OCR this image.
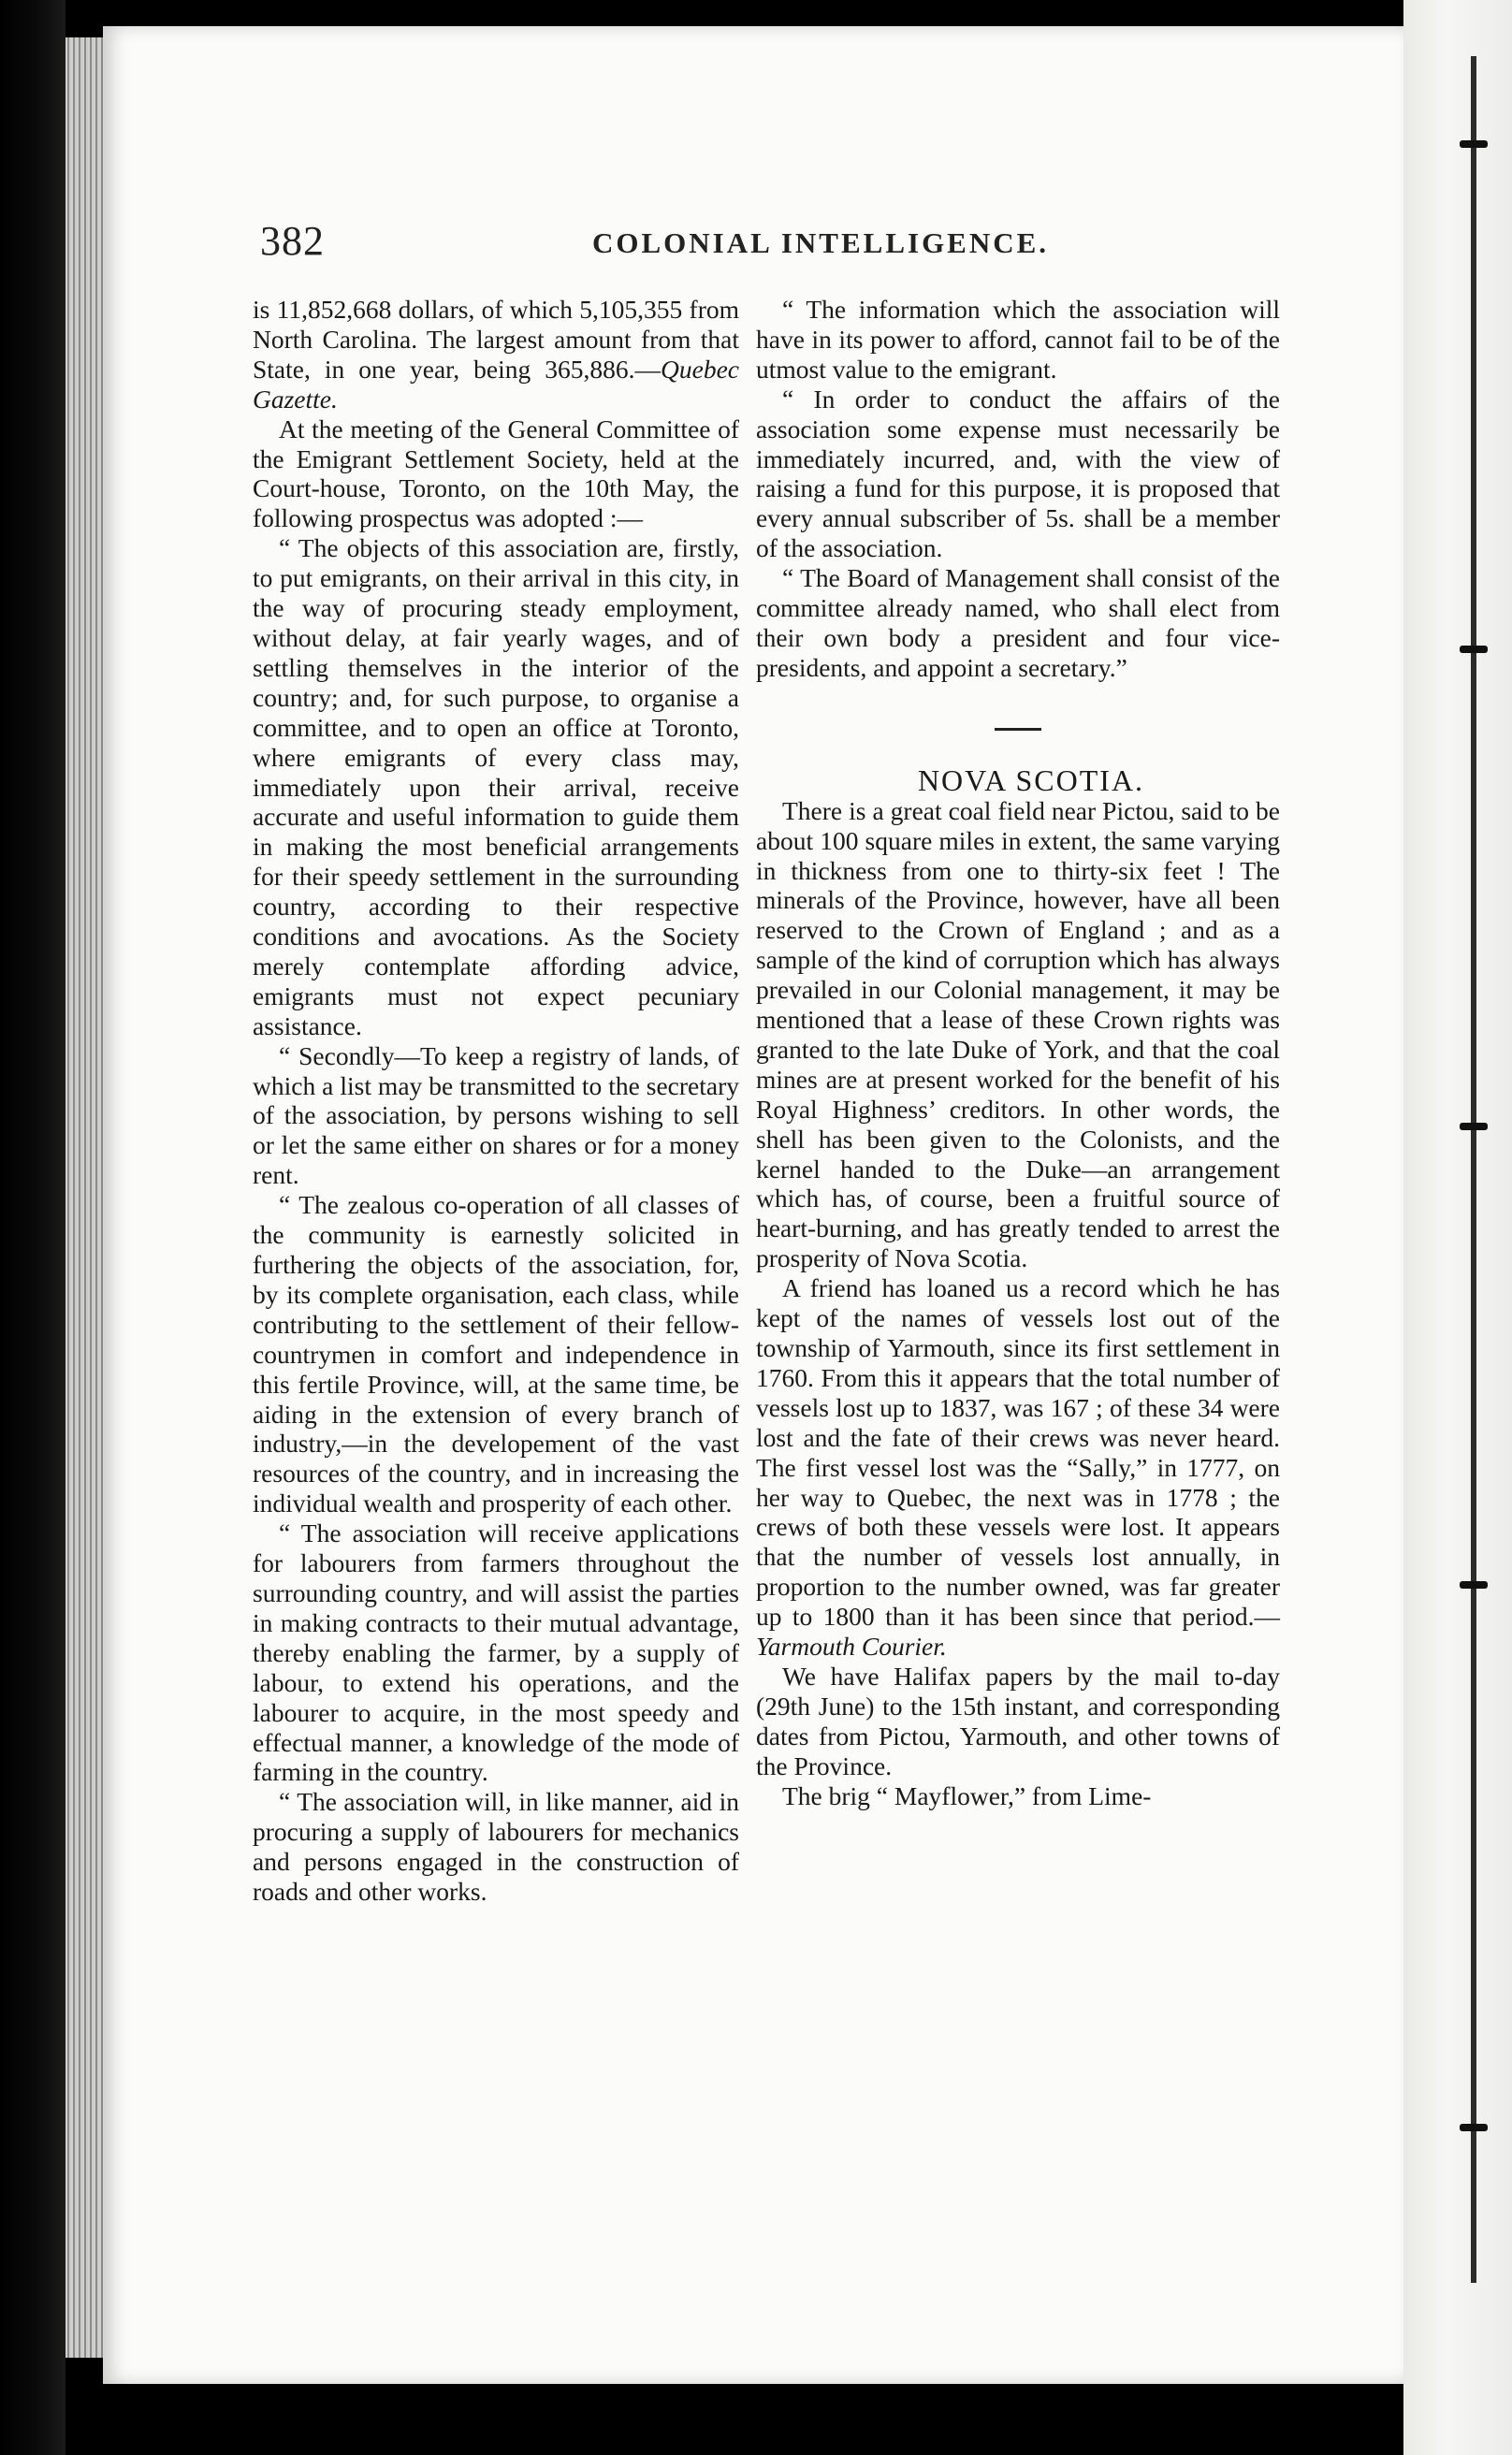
382	COLONIAL INTELLIGENCE.

is 11,852,668 dollars, of which 5,105,355 from North Carolina. The largest amount from that State, in one year, being 365,886.—Quebec Gazette.

At the meeting of the General Committee of the Emigrant Settlement Society, held at the Court-house, Toronto, on the 10th May, the following prospectus was adopted :—

“ The objects of this association are, firstly, to put emigrants, on their arrival in this city, in the way of procuring steady employment, without delay, at fair yearly wages, and of settling themselves in the interior of the country; and, for such purpose, to organise a committee, and to open an office at Toronto, where emigrants of every class may, immediately upon their arrival, receive accurate and useful information to guide them in making the most beneficial arrangements for their speedy settlement in the surrounding country, according to their respective conditions and avocations. As the Society merely contemplate affording advice, emigrants must not expect pecuniary assistance.

“ Secondly—To keep a registry of lands, of which a list may be transmitted to the secretary of the association, by persons wishing to sell or let the same either on shares or for a money rent.

“ The zealous co-operation of all classes of the community is earnestly solicited in furthering the objects of the association, for, by its complete organisation, each class, while contributing to the settlement of their fellow-countrymen in comfort and independence in this fertile Province, will, at the same time, be aiding in the extension of every branch of industry,—in the developement of the vast resources of the country, and in increasing the individual wealth and prosperity of each other.

“ The association will receive applications for labourers from farmers throughout the surrounding country, and will assist the parties in making contracts to their mutual advantage, thereby enabling the farmer, by a supply of labour, to extend his operations, and the labourer to acquire, in the most speedy and effectual manner, a knowledge of the mode of farming in the country.

“ The association will, in like manner, aid in procuring a supply of labourers for mechanics and persons engaged in the construction of roads and other works.

“ The information which the association will have in its power to afford, cannot fail to be of the utmost value to the emigrant.

“ In order to conduct the affairs of the association some expense must necessarily be immediately incurred, and, with the view of raising a fund for this purpose, it is proposed that every annual subscriber of 5s. shall be a member of the association.

“ The Board of Management shall consist of the committee already named, who shall elect from their own body a president and four vice-presidents, and appoint a secretary.”

NOVA SCOTIA.

There is a great coal field near Pictou, said to be about 100 square miles in extent, the same varying in thickness from one to thirty-six feet ! The minerals of the Province, however, have all been reserved to the Crown of England ; and as a sample of the kind of corruption which has always prevailed in our Colonial management, it may be mentioned that a lease of these Crown rights was granted to the late Duke of York, and that the coal mines are at present worked for the benefit of his Royal Highness’ creditors. In other words, the shell has been given to the Colonists, and the kernel handed to the Duke—an arrangement which has, of course, been a fruitful source of heart-burning, and has greatly tended to arrest the prosperity of Nova Scotia.

A friend has loaned us a record which he has kept of the names of vessels lost out of the township of Yarmouth, since its first settlement in 1760. From this it appears that the total number of vessels lost up to 1837, was 167 ; of these 34 were lost and the fate of their crews was never heard. The first vessel lost was the “Sally,” in 1777, on her way to Quebec, the next was in 1778 ; the crews of both these vessels were lost. It appears that the number of vessels lost annually, in proportion to the number owned, was far greater up to 1800 than it has been since that period.—Yarmouth Courier.

We have Halifax papers by the mail to-day (29th June) to the 15th instant, and corresponding dates from Pictou, Yarmouth, and other towns of the Province.

The brig “ Mayflower,” from Lime-
